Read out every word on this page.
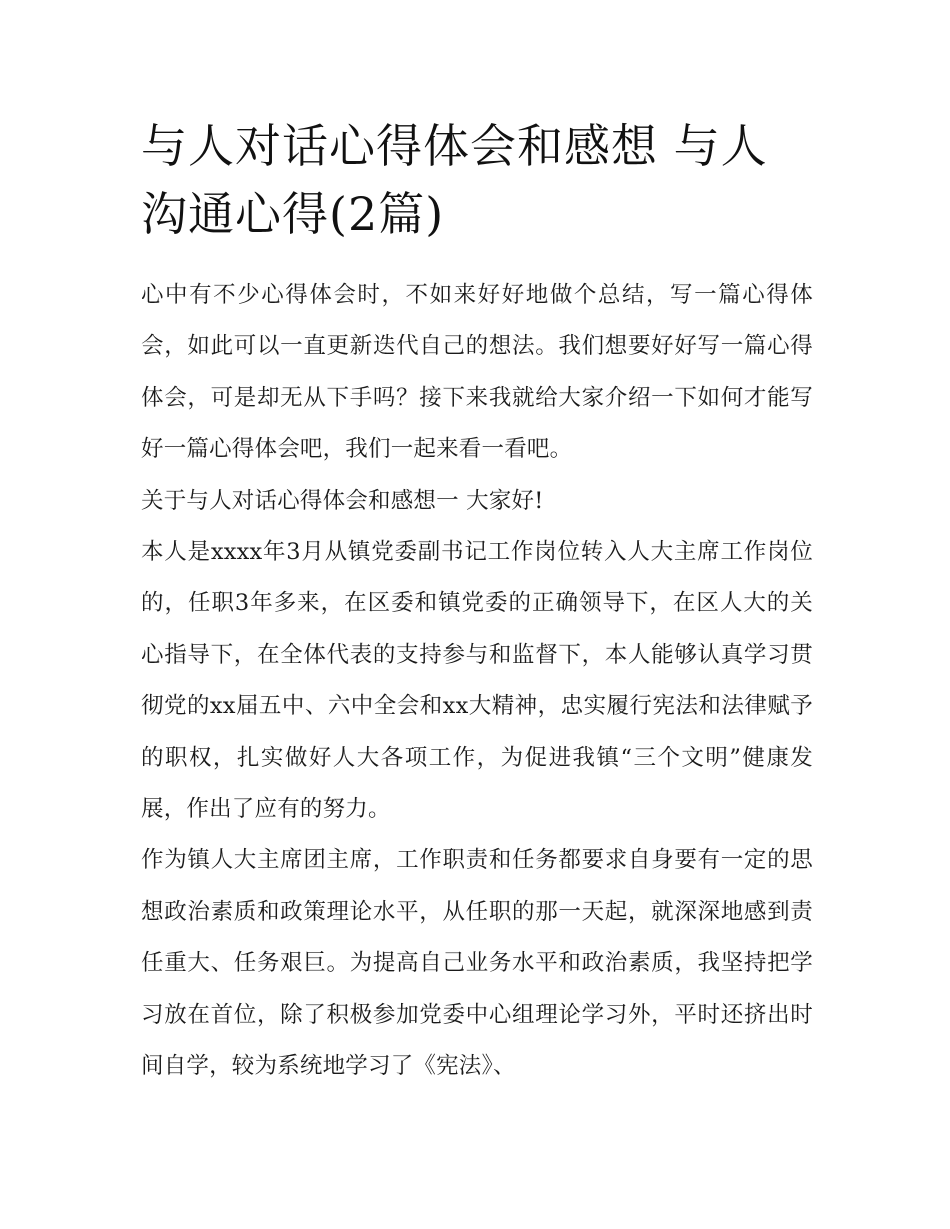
与人对话心得体会和感想 与人沟通心得(2篇)

心中有不少心得体会时，不如来好好地做个总结，写一篇心得体会，如此可以一直更新迭代自己的想法。我们想要好好写一篇心得体会，可是却无从下手吗？接下来我就给大家介绍一下如何才能写好一篇心得体会吧，我们一起来看一看吧。

关于与人对话心得体会和感想一 大家好!

本人是xxxx年3月从镇党委副书记工作岗位转入人大主席工作岗位的，任职3年多来，在区委和镇党委的正确领导下，在区人大的关心指导下，在全体代表的支持参与和监督下，本人能够认真学习贯彻党的xx届五中、六中全会和xx大精神，忠实履行宪法和法律赋予的职权，扎实做好人大各项工作，为促进我镇“三个文明”健康发展，作出了应有的努力。

作为镇人大主席团主席，工作职责和任务都要求自身要有一定的思想政治素质和政策理论水平，从任职的那一天起，就深深地感到责任重大、任务艰巨。为提高自己业务水平和政治素质，我坚持把学习放在首位，除了积极参加党委中心组理论学习外，平时还挤出时间自学，较为系统地学习了《宪法》、
